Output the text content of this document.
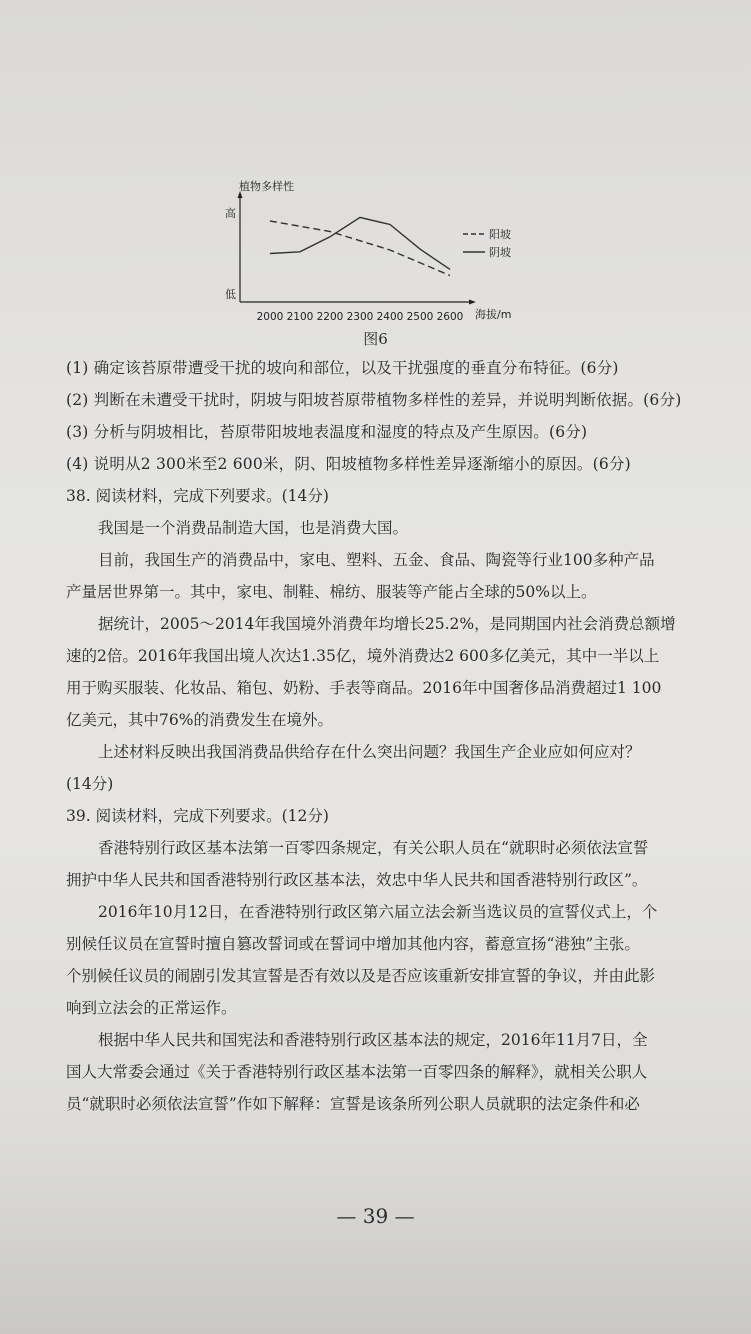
植物多样性
高
低
海拔/m
2000 2100 2200 2300 2400 2500 2600
阳坡
阴坡
图6

(1) 确定该苔原带遭受干扰的坡向和部位，以及干扰强度的垂直分布特征。(6分)

(2) 判断在未遭受干扰时，阴坡与阳坡苔原带植物多样性的差异，并说明判断依据。(6分)

(3) 分析与阴坡相比，苔原带阳坡地表温度和湿度的特点及产生原因。(6分)

(4) 说明从2 300米至2 600米，阴、阳坡植物多样性差异逐渐缩小的原因。(6分)

38. 阅读材料，完成下列要求。(14分)

我国是一个消费品制造大国，也是消费大国。

目前，我国生产的消费品中，家电、塑料、五金、食品、陶瓷等行业100多种产品

产量居世界第一。其中，家电、制鞋、棉纺、服装等产能占全球的50%以上。

据统计，2005～2014年我国境外消费年均增长25.2%，是同期国内社会消费总额增

速的2倍。2016年我国出境人次达1.35亿，境外消费达2 600多亿美元，其中一半以上

用于购买服装、化妆品、箱包、奶粉、手表等商品。2016年中国奢侈品消费超过1 100

亿美元，其中76%的消费发生在境外。

上述材料反映出我国消费品供给存在什么突出问题？我国生产企业应如何应对？

(14分)

39. 阅读材料，完成下列要求。(12分)

香港特别行政区基本法第一百零四条规定，有关公职人员在“就职时必须依法宣誓

拥护中华人民共和国香港特别行政区基本法，效忠中华人民共和国香港特别行政区”。

2016年10月12日，在香港特别行政区第六届立法会新当选议员的宣誓仪式上，个

别候任议员在宣誓时擅自篡改誓词或在誓词中增加其他内容，蓄意宣扬“港独”主张。

个别候任议员的闹剧引发其宣誓是否有效以及是否应该重新安排宣誓的争议，并由此影

响到立法会的正常运作。

根据中华人民共和国宪法和香港特别行政区基本法的规定，2016年11月7日，全

国人大常委会通过《关于香港特别行政区基本法第一百零四条的解释》，就相关公职人

员“就职时必须依法宣誓”作如下解释：宣誓是该条所列公职人员就职的法定条件和必

— 39 —
